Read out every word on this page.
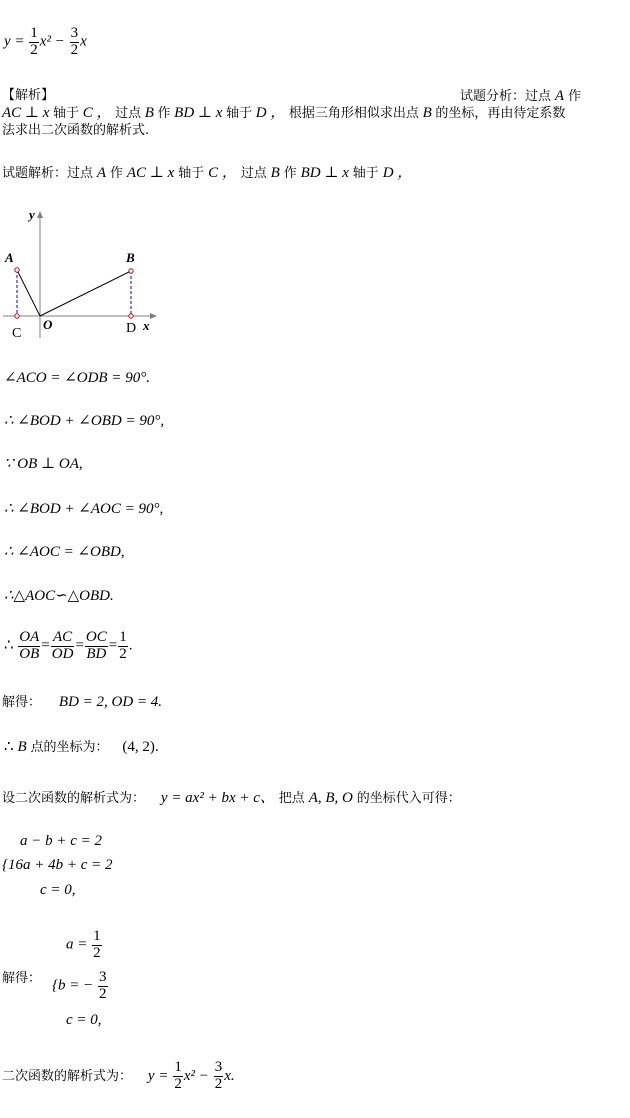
$y = \frac{1}{2} x^2 - \frac{3}{2}$ x
【解析】	试题分析：过点 A 作
AC ⊥ x 轴于 C ， 过点 B 作 BD ⊥ x 轴于 D ， 根据三角形相似求出点 B 的坐标，再由待定系数
法求出二次函数的解析式.
试题解析：过点 A 作 AC ⊥ x 轴于 C ， 过点 B 作 BD ⊥ x 轴于 D ，
y
x
A	B
C
O	D
∠ACO = ∠ODB = 90°.
∴ ∠BOD + ∠OBD = 90°,
∵ OB ⊥ OA,
∴ ∠BOD + ∠AOC = 90°,
∴ ∠AOC = ∠OBD,
∴△AOC∽△OBD.
∴ $\frac{OA}{OB} = \frac{AC}{OD} = \frac{OC}{BD} = \frac{1}{2}$ .
解得： BD = 2, OD = 4.
∴ B 点的坐标为： (4, 2).
设二次函数的解析式为： y = ax² + bx + c、 把点 A, B, O 的坐标代入可得：
a − b + c = 2
{16a + 4b + c = 2
c = 0,
$a = \frac{1}{2}$
解得： {b = − $\frac{3}{2}$
c = 0,
二次函数的解析式为： $y = \frac{1}{2} x^2 - \frac{3}{2} x$.
